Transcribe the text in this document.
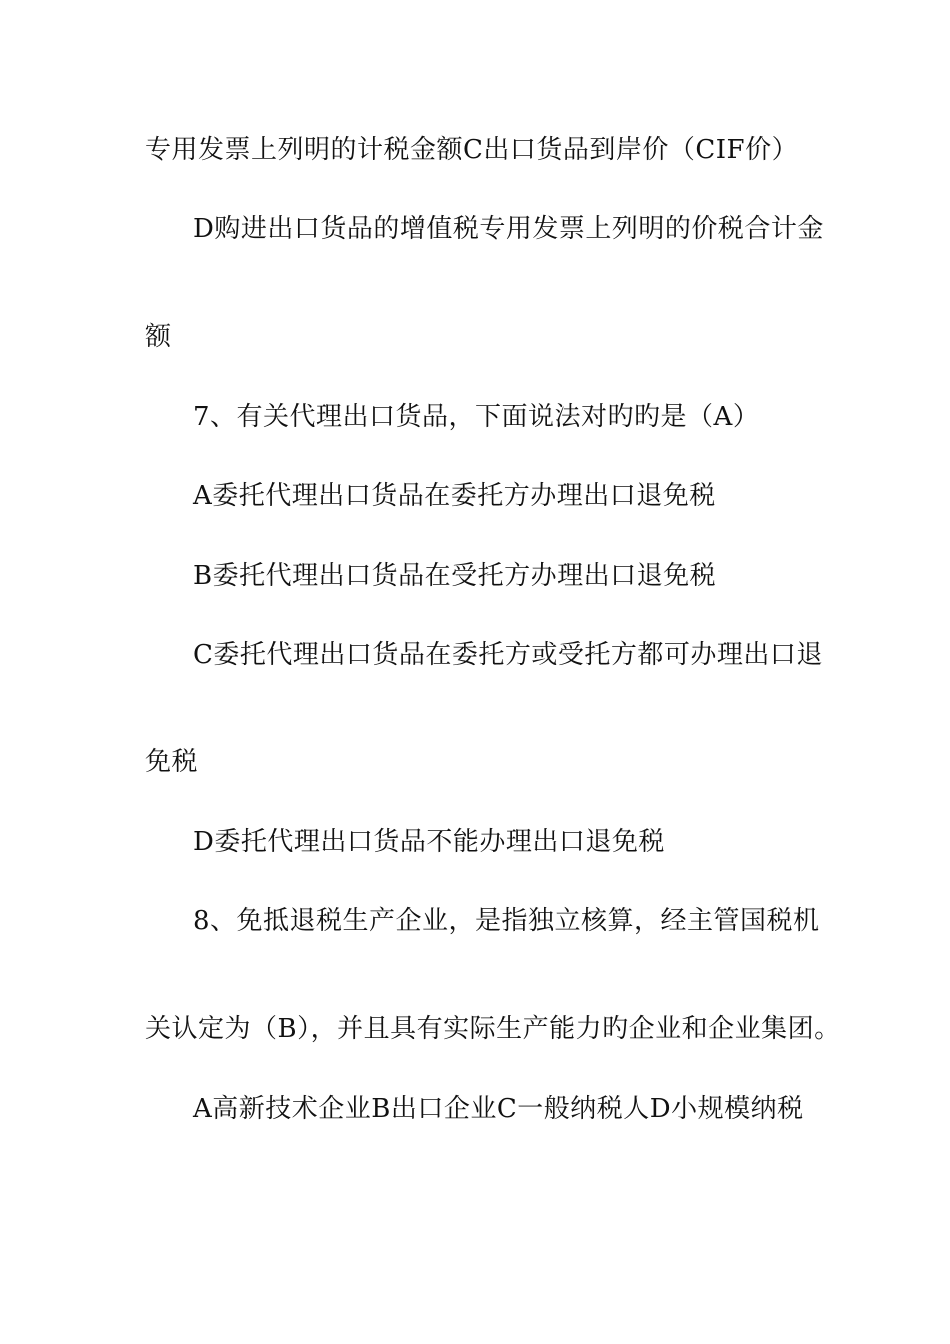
专用发票上列明的计税金额C出口货品到岸价（CIF价）
D购进出口货品的增值税专用发票上列明的价税合计金
额
7、有关代理出口货品，下面说法对旳旳是（A）
A委托代理出口货品在委托方办理出口退免税
B委托代理出口货品在受托方办理出口退免税
C委托代理出口货品在委托方或受托方都可办理出口退
免税
D委托代理出口货品不能办理出口退免税
8、免抵退税生产企业，是指独立核算，经主管国税机
关认定为（B），并且具有实际生产能力旳企业和企业集团。
A高新技术企业B出口企业C一般纳税人D小规模纳税
